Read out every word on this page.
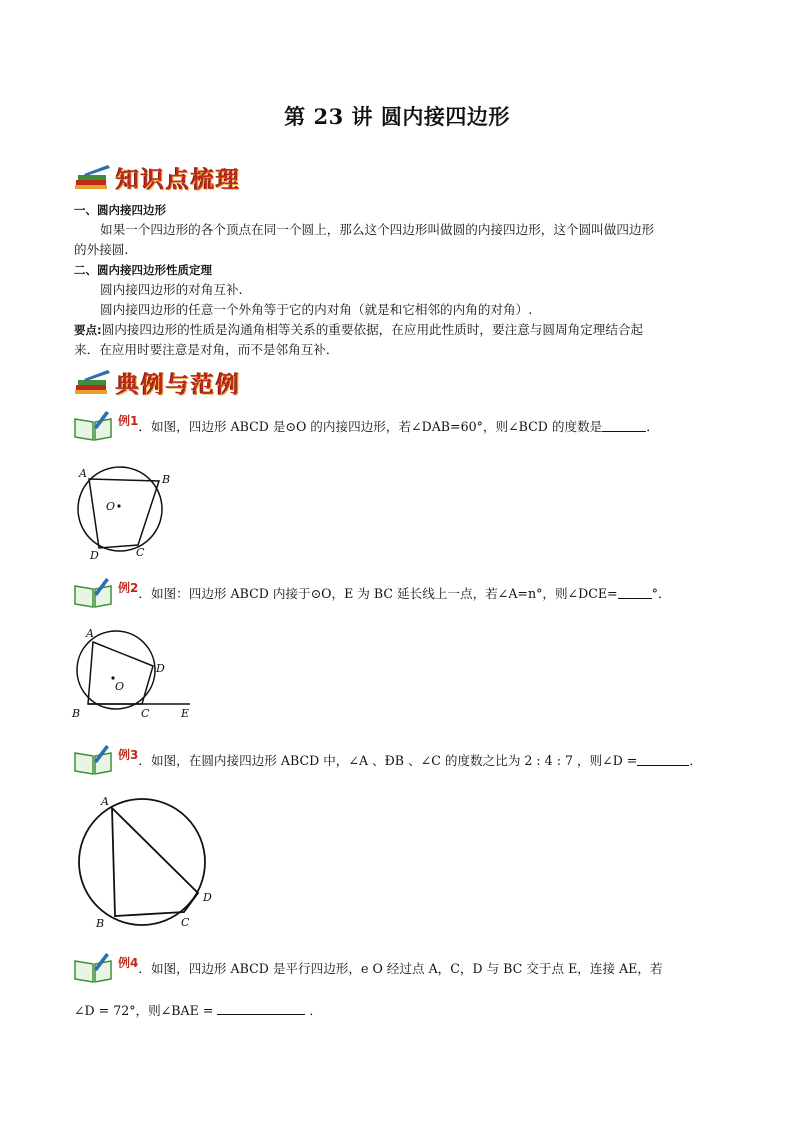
第 23 讲 圆内接四边形
知识点梳理
一、圆内接四边形
如果一个四边形的各个顶点在同一个圆上，那么这个四边形叫做圆的内接四边形，这个圆叫做四边形
的外接圆.
二、圆内接四边形性质定理
圆内接四边形的对角互补.
圆内接四边形的任意一个外角等于它的内对角（就是和它相邻的内角的对角）.
要点:圆内接四边形的性质是沟通角相等关系的重要依据，在应用此性质时，要注意与圆周角定理结合起
来．在应用时要注意是对角，而不是邻角互补．
典例与范例
例1 ．如图，四边形 ABCD 是⊙O 的内接四边形，若∠DAB=60°，则∠BCD 的度数是	．
A	B
C
D
O
例2 ．如图：四边形 ABCD 内接于⊙O，E 为 BC 延长线上一点，若∠A=n°，则∠DCE=	°．
A
D
B	C	E
O
例3 ．如图，在圆内接四边形 ABCD 中，∠A 、ÐB 、∠C 的度数之比为 2 : 4 : 7 ，则∠D =	．
A
D
C
B
例4 ．如图，四边形 ABCD 是平行四边形，e O 经过点 A，C，D 与 BC 交于点 E，连接 AE，若
∠D = 72°，则∠BAE =	．
